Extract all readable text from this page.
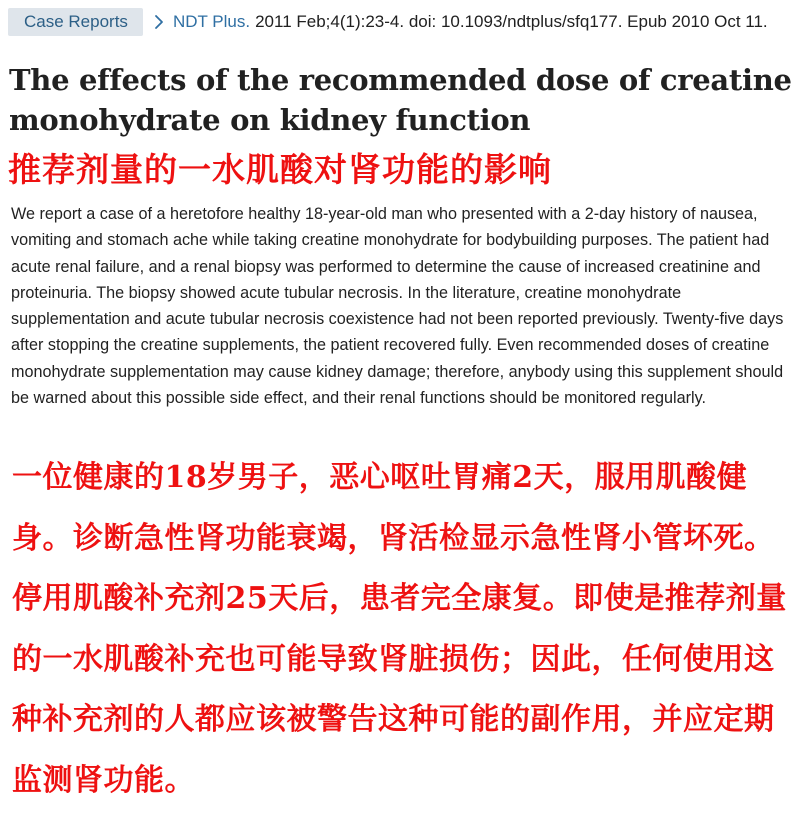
Case Reports	NDT Plus. 2011 Feb;4(1):23-4. doi: 10.1093/ndtplus/sfq177. Epub 2010 Oct 11.
The effects of the recommended dose of creatine monohydrate on kidney function
推荐剂量的一水肌酸对肾功能的影响

We report a case of a heretofore healthy 18-year-old man who presented with a 2-day history of nausea, vomiting and stomach ache while taking creatine monohydrate for bodybuilding purposes. The patient had acute renal failure, and a renal biopsy was performed to determine the cause of increased creatinine and proteinuria. The biopsy showed acute tubular necrosis. In the literature, creatine monohydrate supplementation and acute tubular necrosis coexistence had not been reported previously. Twenty-five days after stopping the creatine supplements, the patient recovered fully. Even recommended doses of creatine monohydrate supplementation may cause kidney damage; therefore, anybody using this supplement should be warned about this possible side effect, and their renal functions should be monitored regularly.

一位健康的18岁男子，恶心呕吐胃痛2天，服用肌酸健身。诊断急性肾功能衰竭，肾活检显示急性肾小管坏死。停用肌酸补充剂25天后，患者完全康复。即使是推荐剂量的一水肌酸补充也可能导致肾脏损伤；因此，任何使用这种补充剂的人都应该被警告这种可能的副作用，并应定期监测肾功能。
